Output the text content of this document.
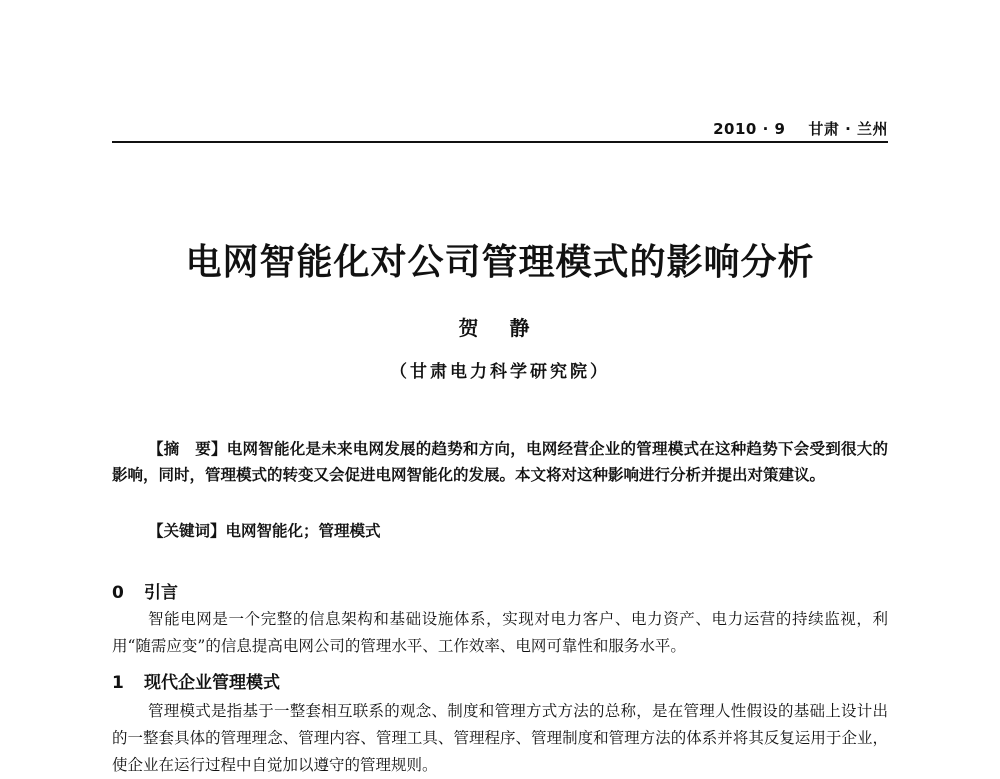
2010 · 9 甘肃 · 兰州
电网智能化对公司管理模式的影响分析
贺 静
（甘肃电力科学研究院）
【摘　要】电网智能化是未来电网发展的趋势和方向，电网经营企业的管理模式在这种趋势下会受到很大的影响，同时，管理模式的转变又会促进电网智能化的发展。本文将对这种影响进行分析并提出对策建议。
【关键词】电网智能化；管理模式
0 引言
智能电网是一个完整的信息架构和基础设施体系，实现对电力客户、电力资产、电力运营的持续监视，利用“随需应变”的信息提高电网公司的管理水平、工作效率、电网可靠性和服务水平。
1 现代企业管理模式
管理模式是指基于一整套相互联系的观念、制度和管理方式方法的总称，是在管理人性假设的基础上设计出的一整套具体的管理理念、管理内容、管理工具、管理程序、管理制度和管理方法的体系并将其反复运用于企业，使企业在运行过程中自觉加以遵守的管理规则。
